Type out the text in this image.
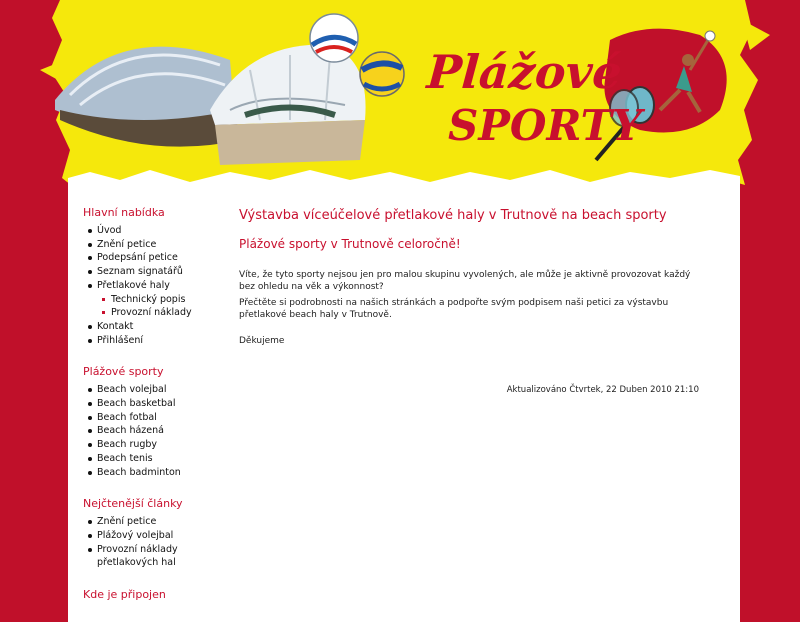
Plážové
SPORTY
Hlavní nabídka
Úvod
Znění petice
Podepsání petice
Seznam signatářů
Přetlakové haly
Technický popis
Provozní náklady
Kontakt
Přihlášení
Plážové sporty
Beach volejbal
Beach basketbal
Beach fotbal
Beach házená
Beach rugby
Beach tenis
Beach badminton
Nejčtenější články
Znění petice
Plážový volejbal
Provozní náklady přetlakových hal
Kde je připojen
Výstavba víceúčelové přetlakové haly v Trutnově na beach sporty
Plážové sporty v Trutnově celoročně!

Víte, že tyto sporty nejsou jen pro malou skupinu vyvolených, ale může je aktivně provozovat každý bez ohledu na věk a výkonnost?

Přečtěte si podrobnosti na našich stránkách a podpořte svým podpisem naši petici za výstavbu přetlakové beach haly v Trutnově.

Děkujeme

Aktualizováno Čtvrtek, 22 Duben 2010 21:10
